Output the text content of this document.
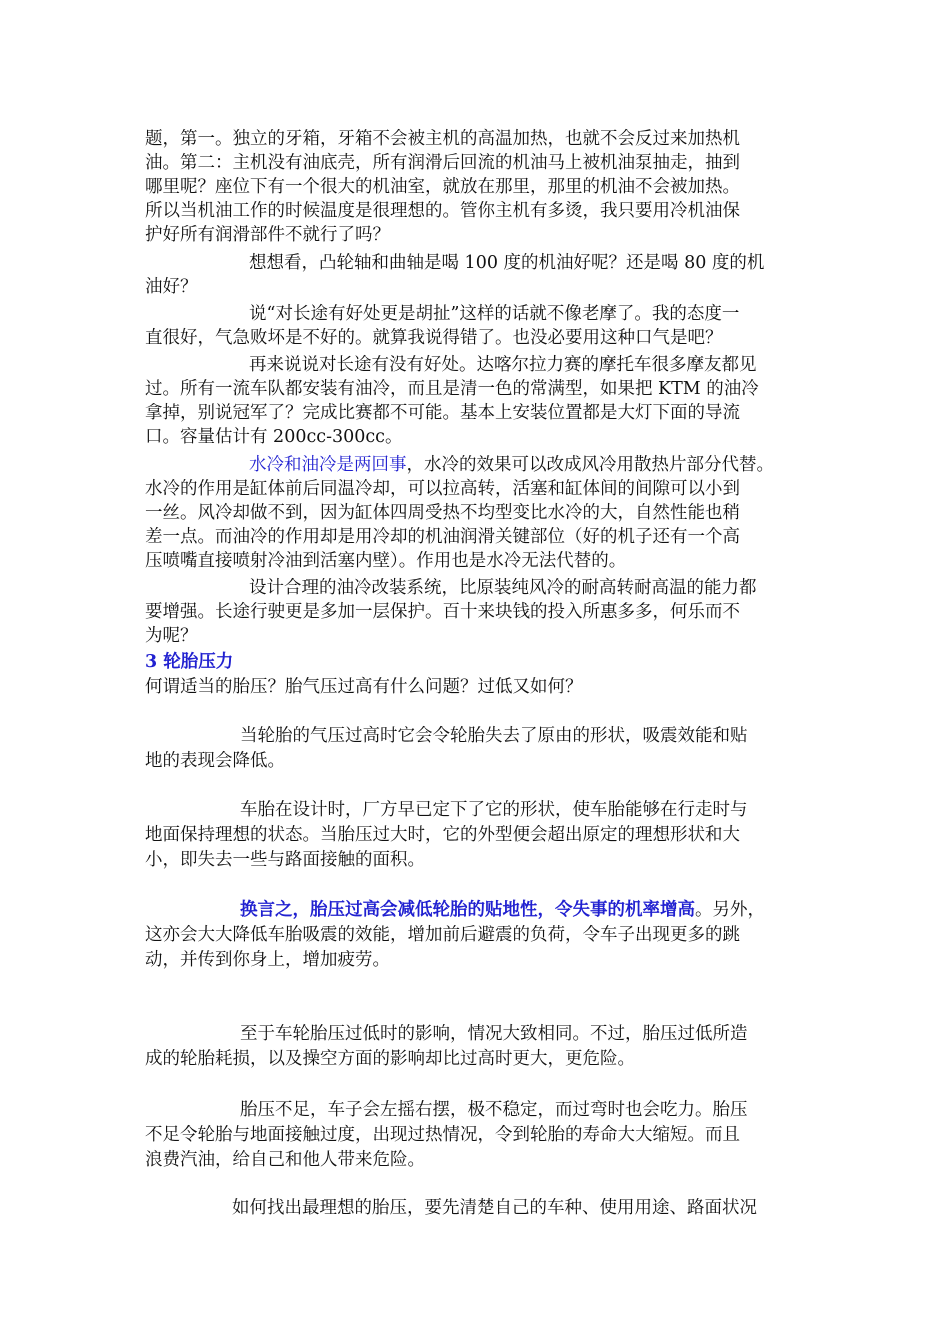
题，第一。独立的牙箱，牙箱不会被主机的高温加热，也就不会反过来加热机
油。第二：主机没有油底壳，所有润滑后回流的机油马上被机油泵抽走，抽到
哪里呢？座位下有一个很大的机油室，就放在那里，那里的机油不会被加热。
所以当机油工作的时候温度是很理想的。管你主机有多烫，我只要用冷机油保
护好所有润滑部件不就行了吗？
想想看，凸轮轴和曲轴是喝 100 度的机油好呢？还是喝 80 度的机
油好？
说“对长途有好处更是胡扯”这样的话就不像老摩了。我的态度一
直很好，气急败坏是不好的。就算我说得错了。也没必要用这种口气是吧？
再来说说对长途有没有好处。达喀尔拉力赛的摩托车很多摩友都见
过。所有一流车队都安装有油冷，而且是清一色的常满型，如果把 KTM 的油冷
拿掉，别说冠军了？完成比赛都不可能。基本上安装位置都是大灯下面的导流
口。容量估计有 200cc-300cc。
水冷和油冷是两回事，水冷的效果可以改成风冷用散热片部分代替。
水冷的作用是缸体前后同温冷却，可以拉高转，活塞和缸体间的间隙可以小到
一丝。风冷却做不到，因为缸体四周受热不均型变比水冷的大，自然性能也稍
差一点。而油冷的作用却是用冷却的机油润滑关键部位（好的机子还有一个高
压喷嘴直接喷射冷油到活塞内壁）。作用也是水冷无法代替的。
设计合理的油冷改装系统，比原装纯风冷的耐高转耐高温的能力都
要增强。长途行驶更是多加一层保护。百十来块钱的投入所惠多多，何乐而不
为呢？
3 轮胎压力
何谓适当的胎压？胎气压过高有什么问题？过低又如何？
当轮胎的气压过高时它会令轮胎失去了原由的形状，吸震效能和贴
地的表现会降低。
车胎在设计时，厂方早已定下了它的形状，使车胎能够在行走时与
地面保持理想的状态。当胎压过大时，它的外型便会超出原定的理想形状和大
小，即失去一些与路面接触的面积。
换言之，胎压过高会减低轮胎的贴地性，令失事的机率增高。另外，
这亦会大大降低车胎吸震的效能，增加前后避震的负荷，令车子出现更多的跳
动，并传到你身上，增加疲劳。
至于车轮胎压过低时的影响，情况大致相同。不过，胎压过低所造
成的轮胎耗损，以及操空方面的影响却比过高时更大，更危险。
胎压不足，车子会左摇右摆，极不稳定，而过弯时也会吃力。胎压
不足令轮胎与地面接触过度，出现过热情况，令到轮胎的寿命大大缩短。而且
浪费汽油，给自己和他人带来危险。
如何找出最理想的胎压，要先清楚自己的车种、使用用途、路面状况
